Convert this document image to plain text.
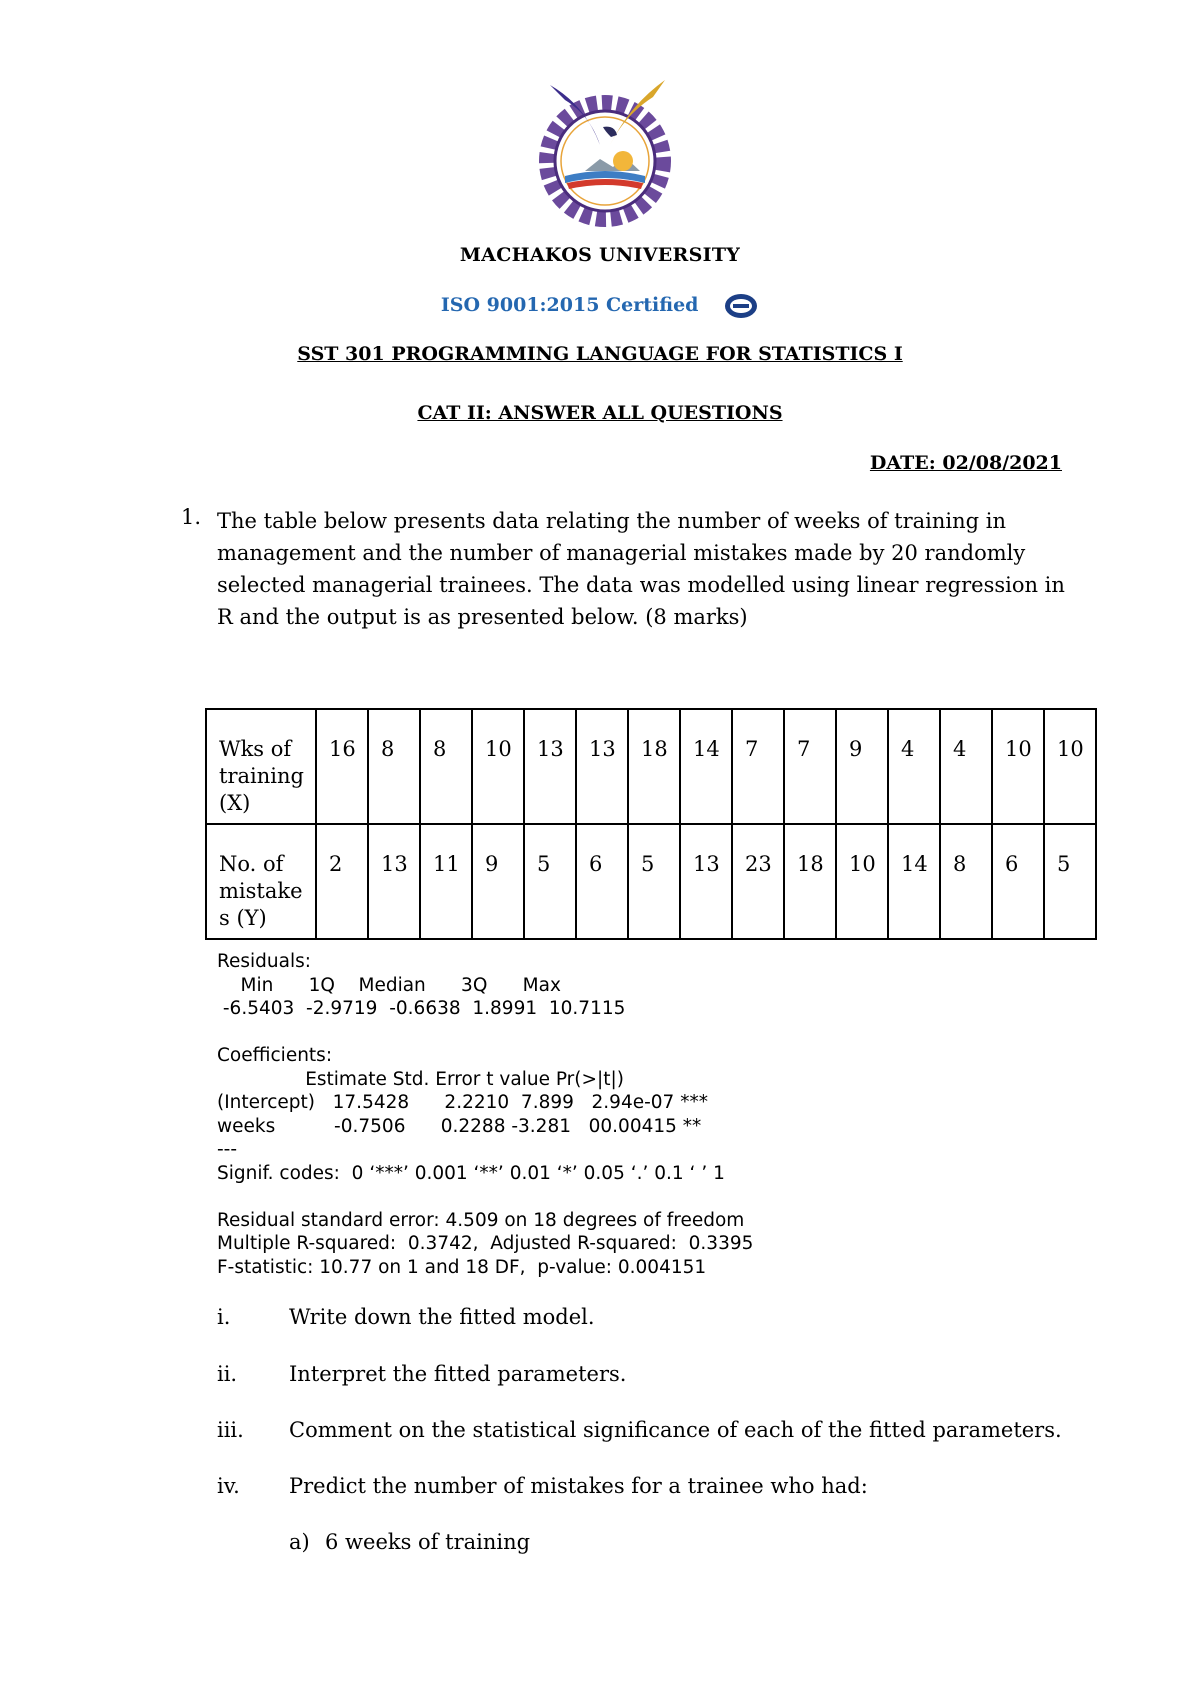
MACHAKOS UNIVERSITY
ISO 9001:2015 Certified
SST 301 PROGRAMMING LANGUAGE FOR STATISTICS I
CAT II: ANSWER ALL QUESTIONS
DATE: 02/08/2021
1. The table below presents data relating the number of weeks of training in management and the number of managerial mistakes made by 20 randomly selected managerial trainees. The data was modelled using linear regression in R and the output is as presented below. (8 marks)
Wks of training (X)	16	8	8	10	13	13	18	14	7	7	9	4	4	10	10
No. of mistake s (Y)	2	13	11	9	5	6	5	13	23	18	10	14	8	6	5
Residuals:
Min      1Q    Median      3Q      Max
-6.5403  -2.9719  -0.6638  1.8991  10.7115

Coefficients:
Estimate Std. Error t value Pr(>|t|)
(Intercept)   17.5428      2.2210  7.899   2.94e-07 ***
weeks          -0.7506      0.2288 -3.281   00.00415 **
---
Signif. codes:  0 ‘***’ 0.001 ‘**’ 0.01 ‘*’ 0.05 ‘.’ 0.1 ‘ ’ 1

Residual standard error: 4.509 on 18 degrees of freedom
Multiple R-squared:  0.3742,  Adjusted R-squared:  0.3395
F-statistic: 10.77 on 1 and 18 DF,  p-value: 0.004151
i.	Write down the fitted model.
ii. Interpret the fitted parameters.
iii. Comment on the statistical significance of each of the fitted parameters.
iv. Predict the number of mistakes for a trainee who had:
a) 6 weeks of training
